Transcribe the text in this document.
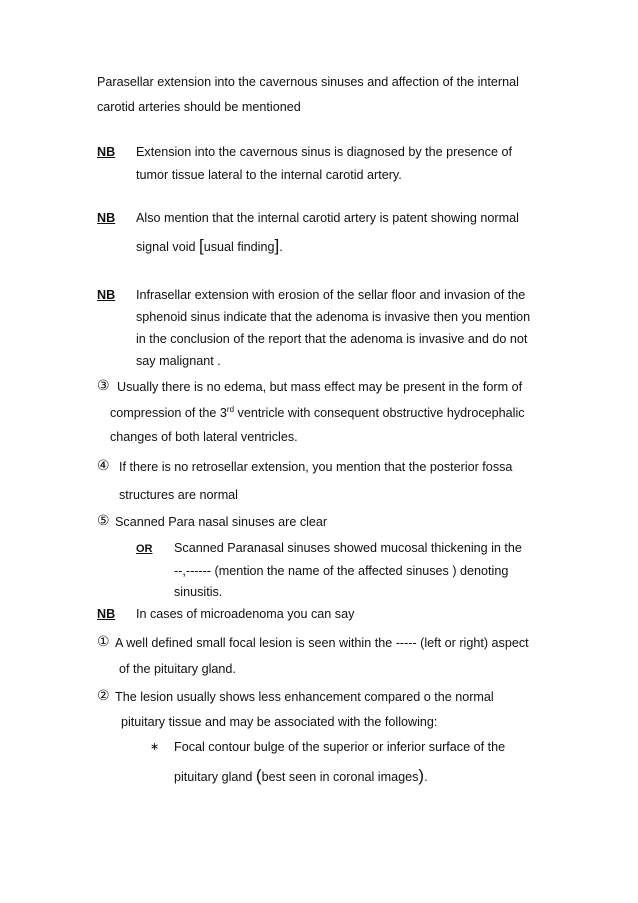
Parasellar extension into the cavernous sinuses and affection of the internal
carotid arteries should be mentioned
NB Extension into the cavernous sinus is diagnosed by the presence of
tumor tissue lateral to the internal carotid artery.
NB Also mention that the internal carotid artery is patent showing normal
signal void [usual finding].
NB Infrasellar extension with erosion of the sellar floor and invasion of the
sphenoid sinus indicate that the adenoma is invasive then you mention
in the conclusion of the report that the adenoma is invasive and do not
say malignant .
③ Usually there is no edema, but mass effect may be present in the form of
compression of the 3rd ventricle with consequent obstructive hydrocephalic
changes of both lateral ventricles.
④ If there is no retrosellar extension, you mention that the posterior fossa
structures are normal
⑤ Scanned Para nasal sinuses are clear
OR Scanned Paranasal sinuses showed mucosal thickening in the
--,------ (mention the name of the affected sinuses ) denoting
sinusitis.
NB In cases of microadenoma you can say
① A well defined small focal lesion is seen within the ----- (left or right) aspect
of the pituitary gland.
② The lesion usually shows less enhancement compared o the normal
pituitary tissue and may be associated with the following:
∗ Focal contour bulge of the superior or inferior surface of the
pituitary gland (best seen in coronal images).
